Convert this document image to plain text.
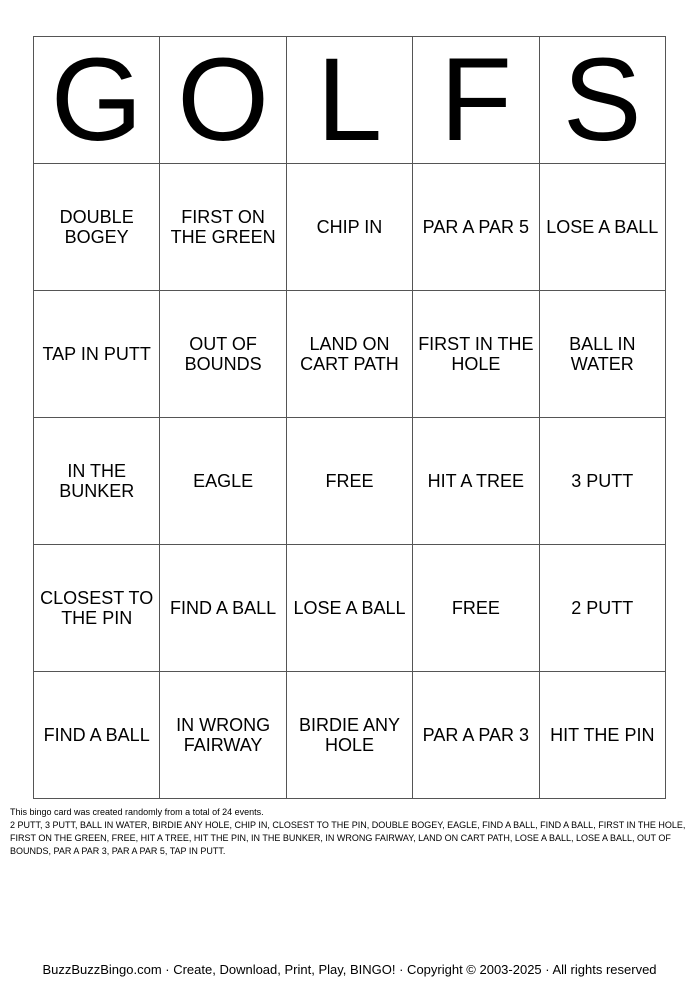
G	O	L	F	S
DOUBLE BOGEY	FIRST ON THE GREEN	CHIP IN	PAR A PAR 5	LOSE A BALL
TAP IN PUTT	OUT OF BOUNDS	LAND ON CART PATH	FIRST IN THE HOLE	BALL IN WATER
IN THE BUNKER	EAGLE	FREE	HIT A TREE	3 PUTT
CLOSEST TO THE PIN	FIND A BALL	LOSE A BALL	FREE	2 PUTT
FIND A BALL	IN WRONG FAIRWAY	BIRDIE ANY HOLE	PAR A PAR 3	HIT THE PIN

This bingo card was created randomly from a total of 24 events.

2 PUTT, 3 PUTT, BALL IN WATER, BIRDIE ANY HOLE, CHIP IN, CLOSEST TO THE PIN, DOUBLE BOGEY, EAGLE, FIND A BALL, FIND A BALL, FIRST IN THE HOLE, FIRST ON THE GREEN, FREE, HIT A TREE, HIT THE PIN, IN THE BUNKER, IN WRONG FAIRWAY, LAND ON CART PATH, LOSE A BALL, LOSE A BALL, OUT OF BOUNDS, PAR A PAR 3, PAR A PAR 5, TAP IN PUTT.

BuzzBuzzBingo.com · Create, Download, Print, Play, BINGO! · Copyright © 2003-2025 · All rights reserved
